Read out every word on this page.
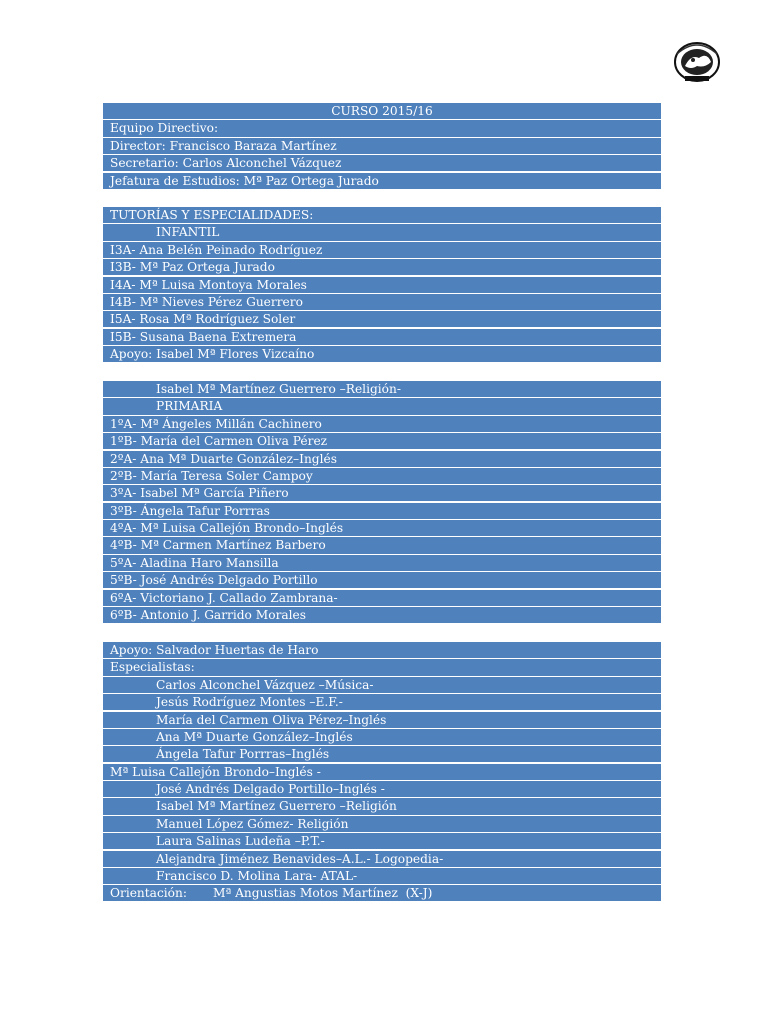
CURSO 2015/16
Equipo Directivo:
Director: Francisco Baraza Martínez
Secretario: Carlos Alconchel Vázquez
Jefatura de Estudios: Mª Paz Ortega Jurado
TUTORÍAS Y ESPECIALIDADES:
INFANTIL
I3A- Ana Belén Peinado Rodríguez
I3B- Mª Paz Ortega Jurado
I4A- Mª Luisa Montoya Morales
I4B- Mª Nieves Pérez Guerrero
I5A- Rosa Mª Rodríguez Soler
I5B- Susana Baena Extremera
Apoyo: Isabel Mª Flores Vizcaíno
Isabel Mª Martínez Guerrero –Religión-
PRIMARIA
1ºA- Mª Ángeles Millán Cachinero
1ºB- María del Carmen Oliva Pérez
2ºA- Ana Mª Duarte González–Inglés
2ºB- María Teresa Soler Campoy
3ºA- Isabel Mª García Piñero
3ºB- Ángela Tafur Porrras
4ºA- Mª Luisa Callejón Brondo–Inglés
4ºB- Mª Carmen Martínez Barbero
5ºA- Aladina Haro Mansilla
5ºB- José Andrés Delgado Portillo
6ºA- Victoriano J. Callado Zambrana-
6ºB- Antonio J. Garrido Morales
Apoyo: Salvador Huertas de Haro
Especialistas:
Carlos Alconchel Vázquez –Música-
Jesús Rodríguez Montes –E.F.-
María del Carmen Oliva Pérez–Inglés
Ana Mª Duarte González–Inglés
Ángela Tafur Porrras–Inglés
Mª Luisa Callejón Brondo–Inglés -
José Andrés Delgado Portillo–Inglés -
Isabel Mª Martínez Guerrero –Religión
Manuel López Gómez- Religión
Laura Salinas Ludeña –P.T.-
Alejandra Jiménez Benavides–A.L.- Logopedia-
Francisco D. Molina Lara- ATAL-
Orientación: Mª Angustias Motos Martínez  (X-J)
